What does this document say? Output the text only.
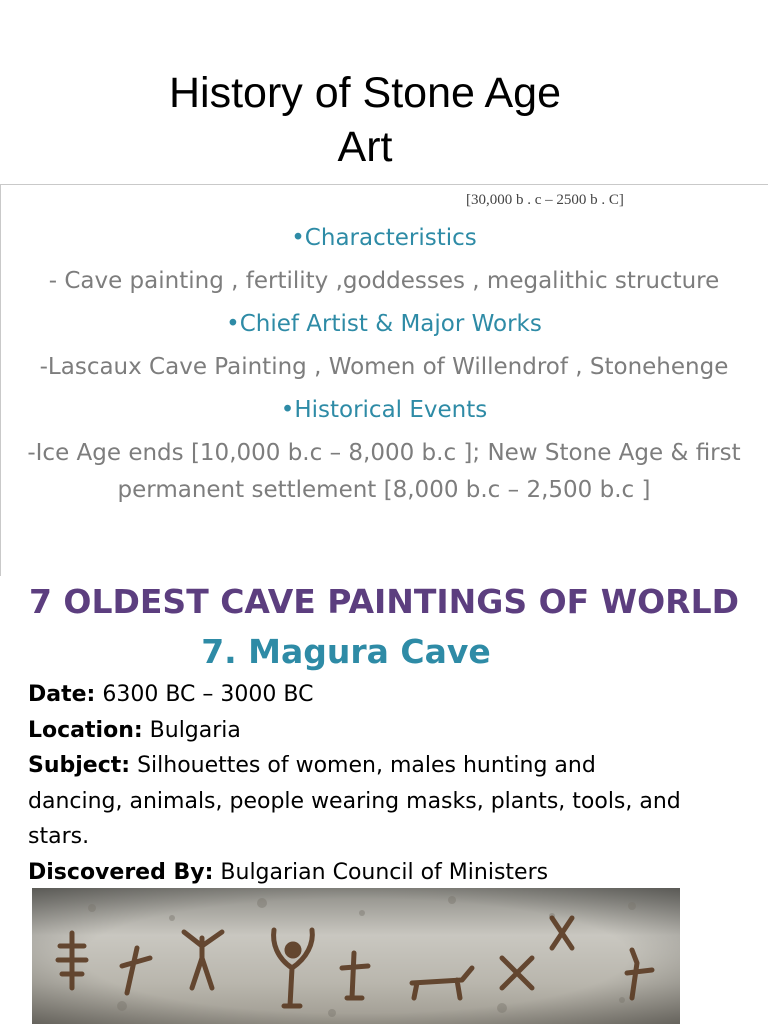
History of Stone Age
Art
[30,000 b . c – 2500 b . C]
•Characteristics
- Cave painting , fertility ,goddesses , megalithic structure
•Chief Artist & Major Works
-Lascaux Cave Painting , Women of Willendrof , Stonehenge
•Historical Events
-Ice Age ends [10,000 b.c – 8,000 b.c ]; New Stone Age & first
permanent settlement [8,000 b.c – 2,500 b.c ]
7 OLDEST CAVE PAINTINGS OF WORLD
7. Magura Cave
Date: 6300 BC – 3000 BC
Location: Bulgaria
Subject: Silhouettes of women, males hunting and dancing, animals, people wearing masks, plants, tools, and stars.
Discovered By: Bulgarian Council of Ministers
